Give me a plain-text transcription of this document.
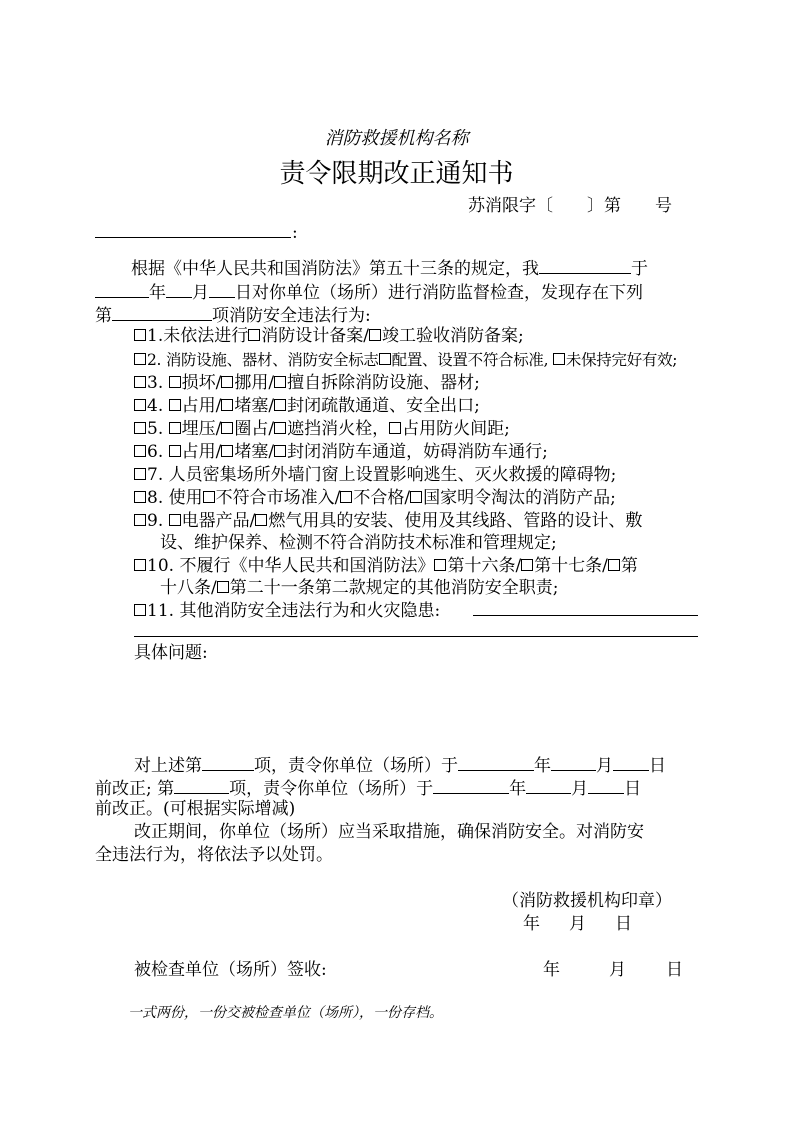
消防救援机构名称
责令限期改正通知书
苏消限字〔　　〕第　　号
:
根据《中华人民共和国消防法》第五十三条的规定，我	于
年 月 日对你单位（场所）进行消防监督检查，发现存在下列
第	项消防安全违法行为:
1.未依法进行 消防设计备案/ 竣工验收消防备案;
2. 消防设施、器材、消防安全标志 配置、设置不符合标准, 未保持完好有效;
3. 损坏/ 挪用/ 擅自拆除消防设施、器材;
4. 占用/ 堵塞/ 封闭疏散通道、安全出口;
5. 埋压/ 圈占/ 遮挡消火栓， 占用防火间距;
6. 占用/ 堵塞/ 封闭消防车通道，妨碍消防车通行;
7. 人员密集场所外墙门窗上设置影响逃生、灭火救援的障碍物;
8. 使用 不符合市场准入/ 不合格/ 国家明令淘汰的消防产品;
9. 电器产品/ 燃气用具的安装、使用及其线路、管路的设计、敷
设、维护保养、检测不符合消防技术标准和管理规定;
10. 不履行《中华人民共和国消防法》 第十六条/ 第十七条/ 第
十八条/ 第二十一条第二款规定的其他消防安全职责;
11. 其他消防安全违法行为和火灾隐患:
具体问题:
对上述第	项，责令你单位（场所）于	年	月 日
前改正; 第	项，责令你单位（场所）于	年	月 日
前改正。(可根据实际增减)
改正期间，你单位（场所）应当采取措施，确保消防安全。对消防安
全违法行为，将依法予以处罚。
（消防救援机构印章）
年 月 日
被检查单位（场所）签收:	年	月 日
一式两份，一份交被检查单位（场所），一份存档。
